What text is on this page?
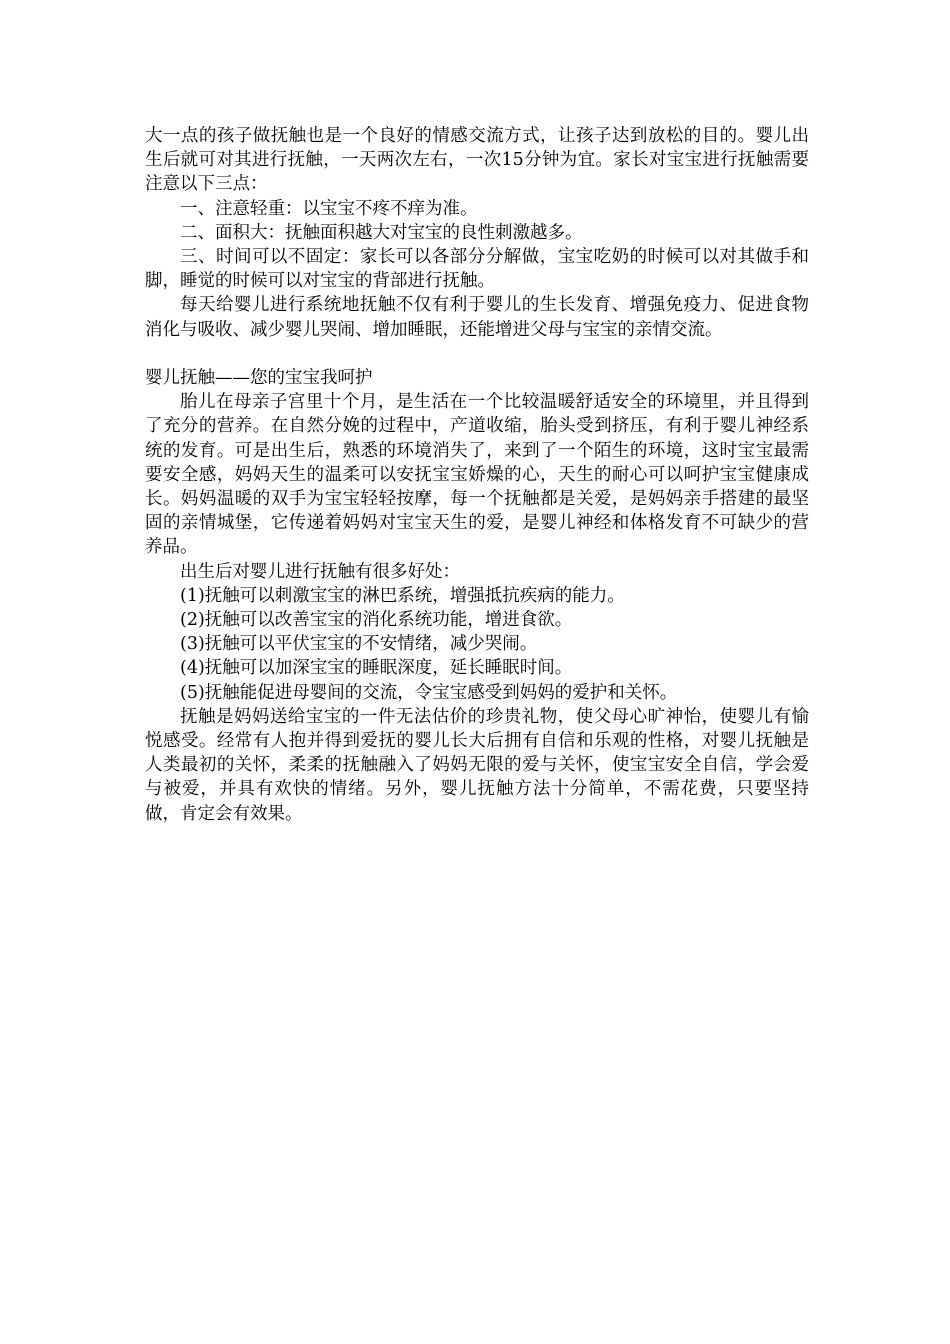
大一点的孩子做抚触也是一个良好的情感交流方式，让孩子达到放松的目的。婴儿出生后就可对其进行抚触，一天两次左右，一次15分钟为宜。家长对宝宝进行抚触需要注意以下三点：

一、注意轻重：以宝宝不疼不痒为准。

二、面积大：抚触面积越大对宝宝的良性刺激越多。

三、时间可以不固定：家长可以各部分分解做，宝宝吃奶的时候可以对其做手和脚，睡觉的时候可以对宝宝的背部进行抚触。

每天给婴儿进行系统地抚触不仅有利于婴儿的生长发育、增强免疫力、促进食物消化与吸收、减少婴儿哭闹、增加睡眠，还能增进父母与宝宝的亲情交流。

婴儿抚触——您的宝宝我呵护

胎儿在母亲子宫里十个月，是生活在一个比较温暖舒适安全的环境里，并且得到了充分的营养。在自然分娩的过程中，产道收缩，胎头受到挤压，有利于婴儿神经系统的发育。可是出生后，熟悉的环境消失了，来到了一个陌生的环境，这时宝宝最需要安全感，妈妈天生的温柔可以安抚宝宝娇燥的心，天生的耐心可以呵护宝宝健康成长。妈妈温暖的双手为宝宝轻轻按摩，每一个抚触都是关爱，是妈妈亲手搭建的最坚固的亲情城堡，它传递着妈妈对宝宝天生的爱，是婴儿神经和体格发育不可缺少的营养品。

出生后对婴儿进行抚触有很多好处：

(1)抚触可以刺激宝宝的淋巴系统，增强抵抗疾病的能力。

(2)抚触可以改善宝宝的消化系统功能，增进食欲。

(3)抚触可以平伏宝宝的不安情绪，减少哭闹。

(4)抚触可以加深宝宝的睡眠深度，延长睡眠时间。

(5)抚触能促进母婴间的交流，令宝宝感受到妈妈的爱护和关怀。

抚触是妈妈送给宝宝的一件无法估价的珍贵礼物，使父母心旷神怡，使婴儿有愉悦感受。经常有人抱并得到爱抚的婴儿长大后拥有自信和乐观的性格，对婴儿抚触是人类最初的关怀，柔柔的抚触融入了妈妈无限的爱与关怀，使宝宝安全自信，学会爱与被爱，并具有欢快的情绪。另外，婴儿抚触方法十分简单，不需花费，只要坚持做，肯定会有效果。
